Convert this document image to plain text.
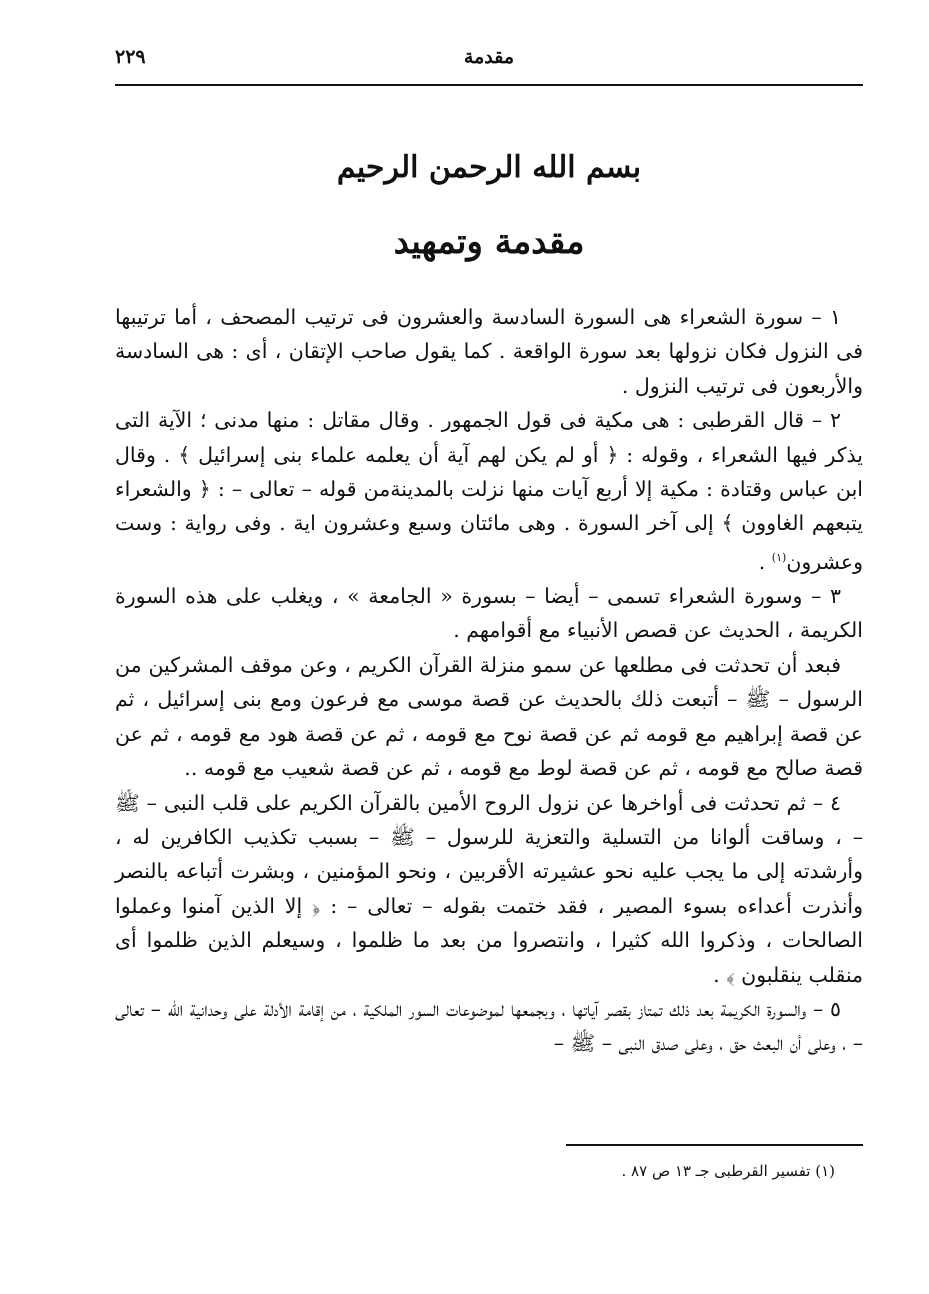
مقدمة
٢٢٩
بسم الله الرحمن الرحيم
مقدمة وتمهيد

١ – سورة الشعراء هى السورة السادسة والعشرون فى ترتيب المصحف ، أما ترتيبها فى النزول فكان نزولها بعد سورة الواقعة . كما يقول صاحب الإتقان ، أى : هى السادسة والأربعون فى ترتيب النزول .

٢ – قال القرطبى : هى مكية فى قول الجمهور . وقال مقاتل : منها مدنى ؛ الآية التى يذكر فيها الشعراء ، وقوله : ﴿ أو لم يكن لهم آية أن يعلمه علماء بنى إسرائيل ﴾ . وقال ابن عباس وقتادة : مكية إلا أربع آيات منها نزلت بالمدينةمن قوله – تعالى – : ﴿ والشعراء يتبعهم الغاوون ﴾ إلى آخر السورة . وهى مائتان وسبع وعشرون اية . وفى رواية : وست وعشرون$^{(١)}$ .

٣ – وسورة الشعراء تسمى – أيضا – بسورة « الجامعة » ، ويغلب على هذه السورة الكريمة ، الحديث عن قصص الأنبياء مع أقوامهم .

فبعد أن تحدثت فى مطلعها عن سمو منزلة القرآن الكريم ، وعن موقف المشركين من الرسول – ﷺ – أتبعت ذلك بالحديث عن قصة موسى مع فرعون ومع بنى إسرائيل ، ثم عن قصة إبراهيم مع قومه ثم عن قصة نوح مع قومه ، ثم عن قصة هود مع قومه ، ثم عن قصة صالح مع قومه ، ثم عن قصة لوط مع قومه ، ثم عن قصة شعيب مع قومه ..

٤ – ثم تحدثت فى أواخرها عن نزول الروح الأمين بالقرآن الكريم على قلب النبى – ﷺ – ، وساقت ألوانا من التسلية والتعزية للرسول – ﷺ – بسبب تكذيب الكافرين له ، وأرشدته إلى ما يجب عليه نحو عشيرته الأقربين ، ونحو المؤمنين ، وبشرت أتباعه بالنصر وأنذرت أعداءه بسوء المصير ، فقد ختمت بقوله – تعالى – : ﴿ إلا الذين آمنوا وعملوا الصالحات ، وذكروا الله كثيرا ، وانتصروا من بعد ما ظلموا ، وسيعلم الذين ظلموا أى منقلب ينقلبون ﴾ .

٥ – والسورة الكريمة بعد ذلك تمتاز بقصر آياتها ، وبجمعها لموضوعات السور الملكية ، من إقامة الأدلة على وحدانية الله – تعالى – ، وعلى أن البعث حق ، وعلى صدق النبى – ﷺ –

(١) تفسير القرطبى جـ ١٣ ص ٨٧ .
